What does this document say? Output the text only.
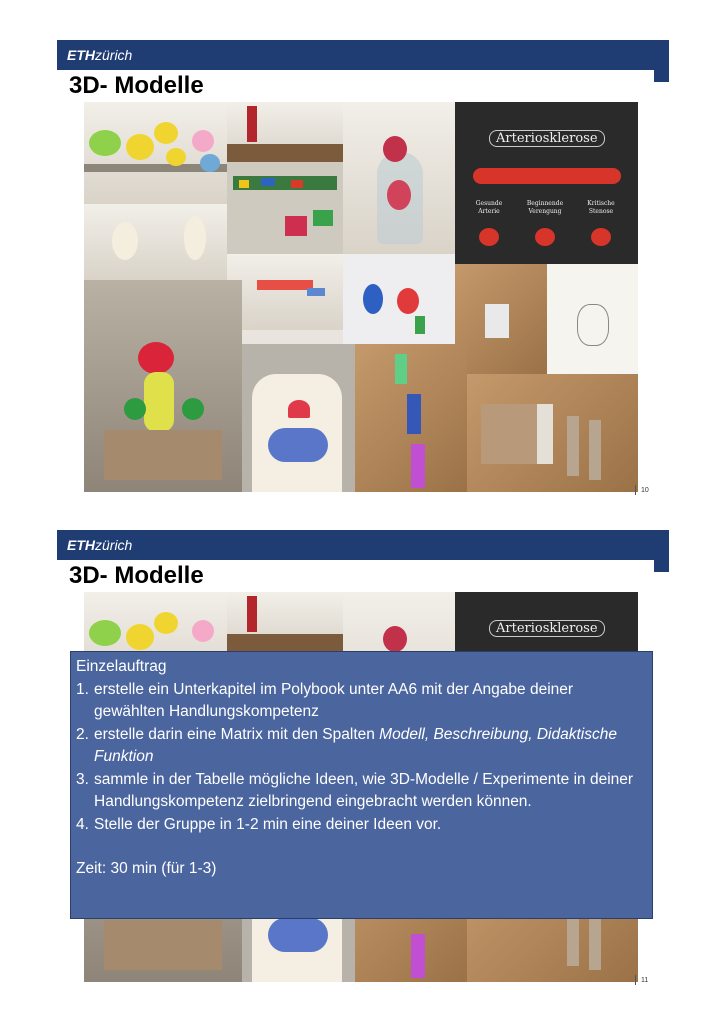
ETHzürich
3D- Modelle
Arteriosklerose
Gesunde Arterie
Beginnende Verengung
Kritische Stenose
10
ETHzürich
3D- Modelle
Arteriosklerose
Einzelauftrag
1. erstelle ein Unterkapitel im Polybook unter AA6 mit der Angabe deiner gewählten Handlungskompetenz
2. erstelle darin eine Matrix mit den Spalten Modell, Beschreibung, Didaktische Funktion
3. sammle in der Tabelle mögliche Ideen, wie 3D-Modelle / Experimente in deiner Handlungskompetenz zielbringend eingebracht werden können.
4. Stelle der Gruppe in 1-2 min eine deiner Ideen vor.
Zeit: 30 min (für 1-3)
11
